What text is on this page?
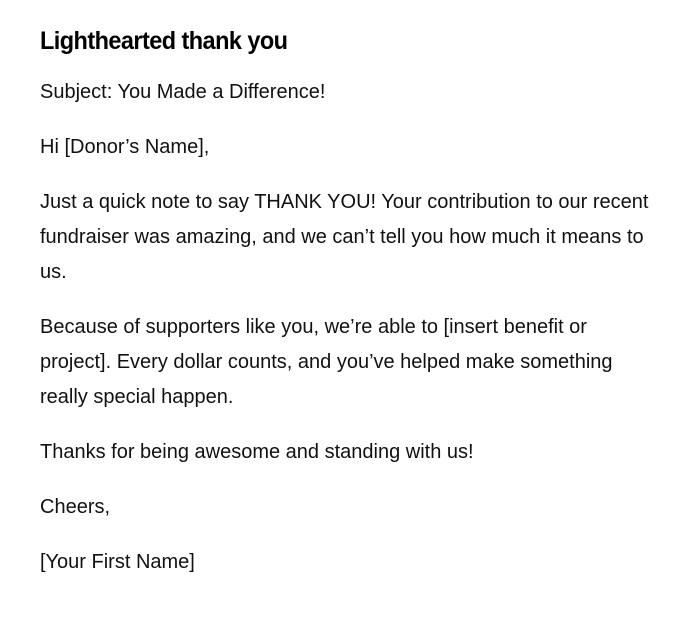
Lighthearted thank you

Subject: You Made a Difference!

Hi [Donor’s Name],

Just a quick note to say THANK YOU! Your contribution to our recent fundraiser was amazing, and we can’t tell you how much it means to us.

Because of supporters like you, we’re able to [insert benefit or project]. Every dollar counts, and you’ve helped make something really special happen.

Thanks for being awesome and standing with us!

Cheers,

[Your First Name]
